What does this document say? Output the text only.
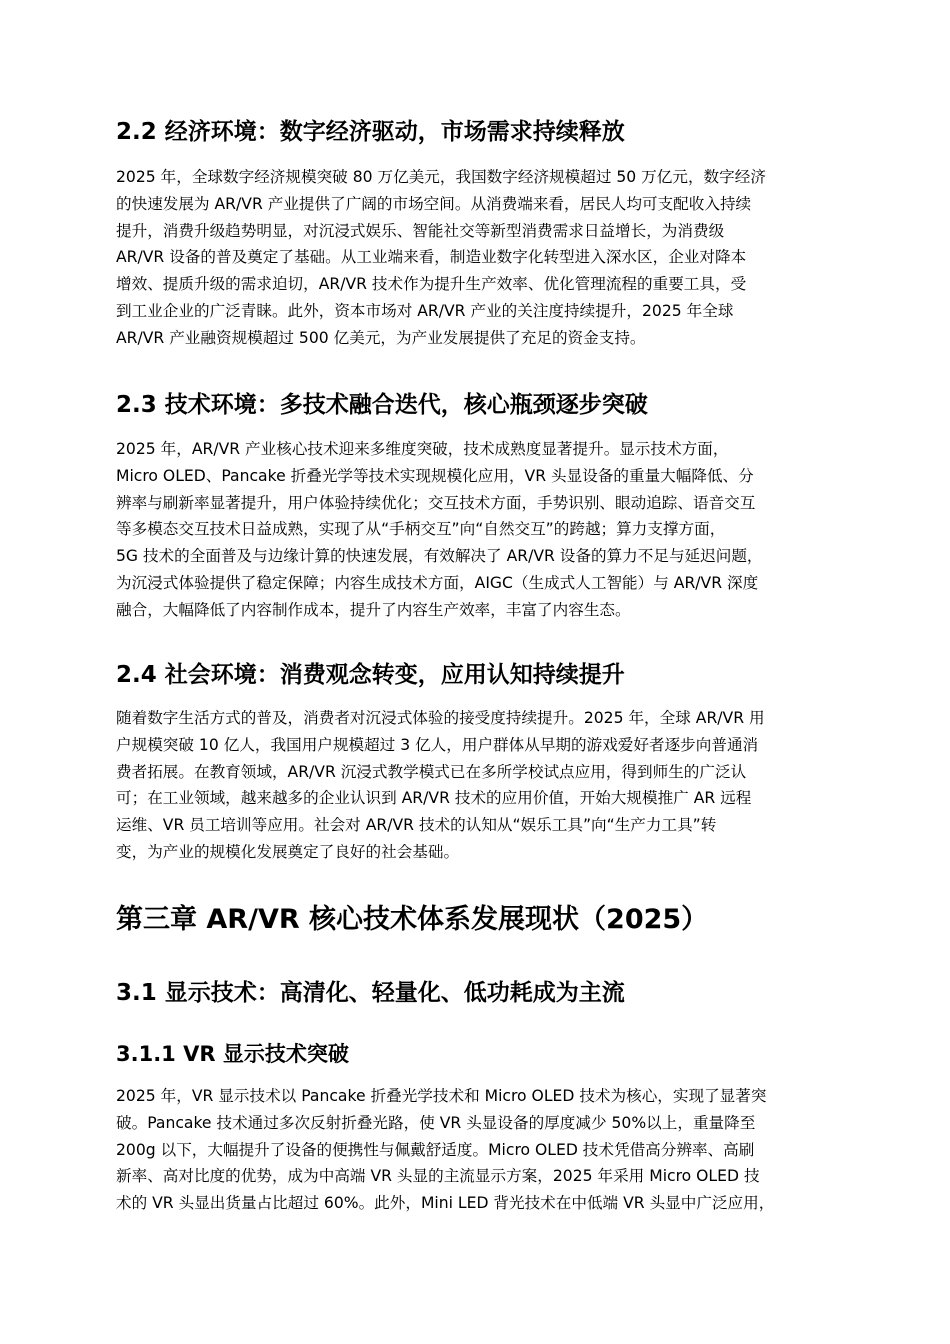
2.2 经济环境：数字经济驱动，市场需求持续释放
2025 年，全球数字经济规模突破 80 万亿美元，我国数字经济规模超过 50 万亿元，数字经济
的快速发展为 AR/VR 产业提供了广阔的市场空间。从消费端来看，居民人均可支配收入持续
提升，消费升级趋势明显，对沉浸式娱乐、智能社交等新型消费需求日益增长，为消费级
AR/VR 设备的普及奠定了基础。从工业端来看，制造业数字化转型进入深水区，企业对降本
增效、提质升级的需求迫切，AR/VR 技术作为提升生产效率、优化管理流程的重要工具，受
到工业企业的广泛青睐。此外，资本市场对 AR/VR 产业的关注度持续提升，2025 年全球
AR/VR 产业融资规模超过 500 亿美元，为产业发展提供了充足的资金支持。
2.3 技术环境：多技术融合迭代，核心瓶颈逐步突破
2025 年，AR/VR 产业核心技术迎来多维度突破，技术成熟度显著提升。显示技术方面，
Micro OLED、Pancake 折叠光学等技术实现规模化应用，VR 头显设备的重量大幅降低、分
辨率与刷新率显著提升，用户体验持续优化；交互技术方面，手势识别、眼动追踪、语音交互
等多模态交互技术日益成熟，实现了从“手柄交互”向“自然交互”的跨越；算力支撑方面，
5G 技术的全面普及与边缘计算的快速发展，有效解决了 AR/VR 设备的算力不足与延迟问题，
为沉浸式体验提供了稳定保障；内容生成技术方面，AIGC（生成式人工智能）与 AR/VR 深度
融合，大幅降低了内容制作成本，提升了内容生产效率，丰富了内容生态。
2.4 社会环境：消费观念转变，应用认知持续提升
随着数字生活方式的普及，消费者对沉浸式体验的接受度持续提升。2025 年，全球 AR/VR 用
户规模突破 10 亿人，我国用户规模超过 3 亿人，用户群体从早期的游戏爱好者逐步向普通消
费者拓展。在教育领域，AR/VR 沉浸式教学模式已在多所学校试点应用，得到师生的广泛认
可；在工业领域，越来越多的企业认识到 AR/VR 技术的应用价值，开始大规模推广 AR 远程
运维、VR 员工培训等应用。社会对 AR/VR 技术的认知从“娱乐工具”向“生产力工具”转
变，为产业的规模化发展奠定了良好的社会基础。
第三章 AR/VR 核心技术体系发展现状（2025）
3.1 显示技术：高清化、轻量化、低功耗成为主流
3.1.1 VR 显示技术突破
2025 年，VR 显示技术以 Pancake 折叠光学技术和 Micro OLED 技术为核心，实现了显著突
破。Pancake 技术通过多次反射折叠光路，使 VR 头显设备的厚度减少 50%以上，重量降至
200g 以下，大幅提升了设备的便携性与佩戴舒适度。Micro OLED 技术凭借高分辨率、高刷
新率、高对比度的优势，成为中高端 VR 头显的主流显示方案，2025 年采用 Micro OLED 技
术的 VR 头显出货量占比超过 60%。此外，Mini LED 背光技术在中低端 VR 头显中广泛应用，
